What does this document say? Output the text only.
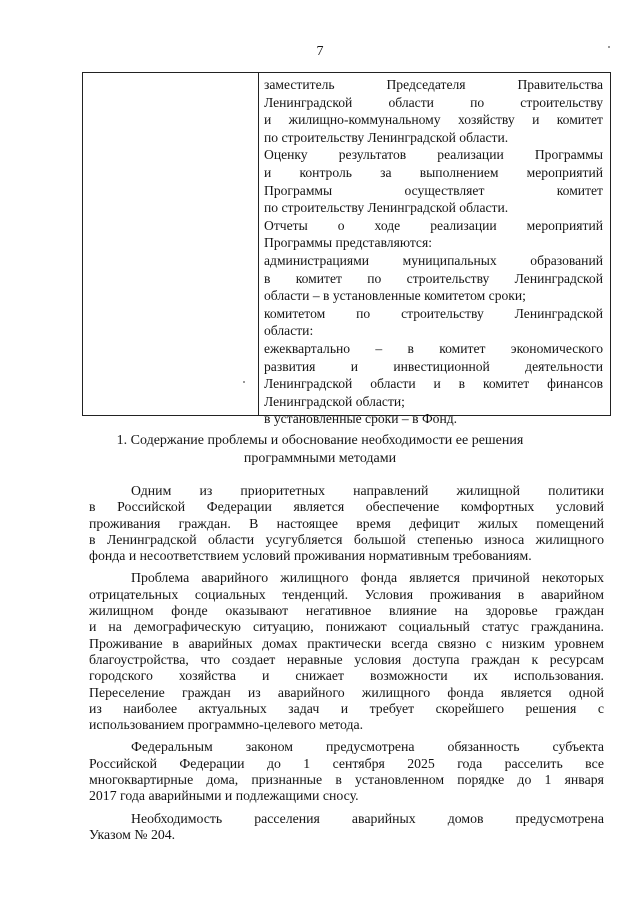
7
заместитель Председателя Правительства
Ленинградской области по строительству
и жилищно-коммунальному хозяйству и комитет
по строительству Ленинградской области.
Оценку результатов реализации Программы
и контроль за выполнением мероприятий
Программы осуществляет комитет
по строительству Ленинградской области.
Отчеты о ходе реализации мероприятий
Программы представляются:
администрациями муниципальных образований
в комитет по строительству Ленинградской
области – в установленные комитетом сроки;
комитетом по строительству Ленинградской
области:
ежеквартально – в комитет экономического
развития и инвестиционной деятельности
Ленинградской области и в комитет финансов
Ленинградской области;
в установленные сроки – в Фонд.
1. Содержание проблемы и обоснование необходимости ее решения
программными методами
Одним из приоритетных направлений жилищной политики
в Российской Федерации является обеспечение комфортных условий
проживания граждан. В настоящее время дефицит жилых помещений
в Ленинградской области усугубляется большой степенью износа жилищного
фонда и несоответствием условий проживания нормативным требованиям.
Проблема аварийного жилищного фонда является причиной некоторых
отрицательных социальных тенденций. Условия проживания в аварийном
жилищном фонде оказывают негативное влияние на здоровье граждан
и на демографическую ситуацию, понижают социальный статус гражданина.
Проживание в аварийных домах практически всегда связно с низким уровнем
благоустройства, что создает неравные условия доступа граждан к ресурсам
городского хозяйства и снижает возможности их использования.
Переселение граждан из аварийного жилищного фонда является одной
из наиболее актуальных задач и требует скорейшего решения с
использованием программно-целевого метода.
Федеральным законом предусмотрена обязанность субъекта
Российской Федерации до 1 сентября 2025 года расселить все
многоквартирные дома, признанные в установленном порядке до 1 января
2017 года аварийными и подлежащими сносу.
Необходимость расселения аварийных домов предусмотрена
Указом № 204.
